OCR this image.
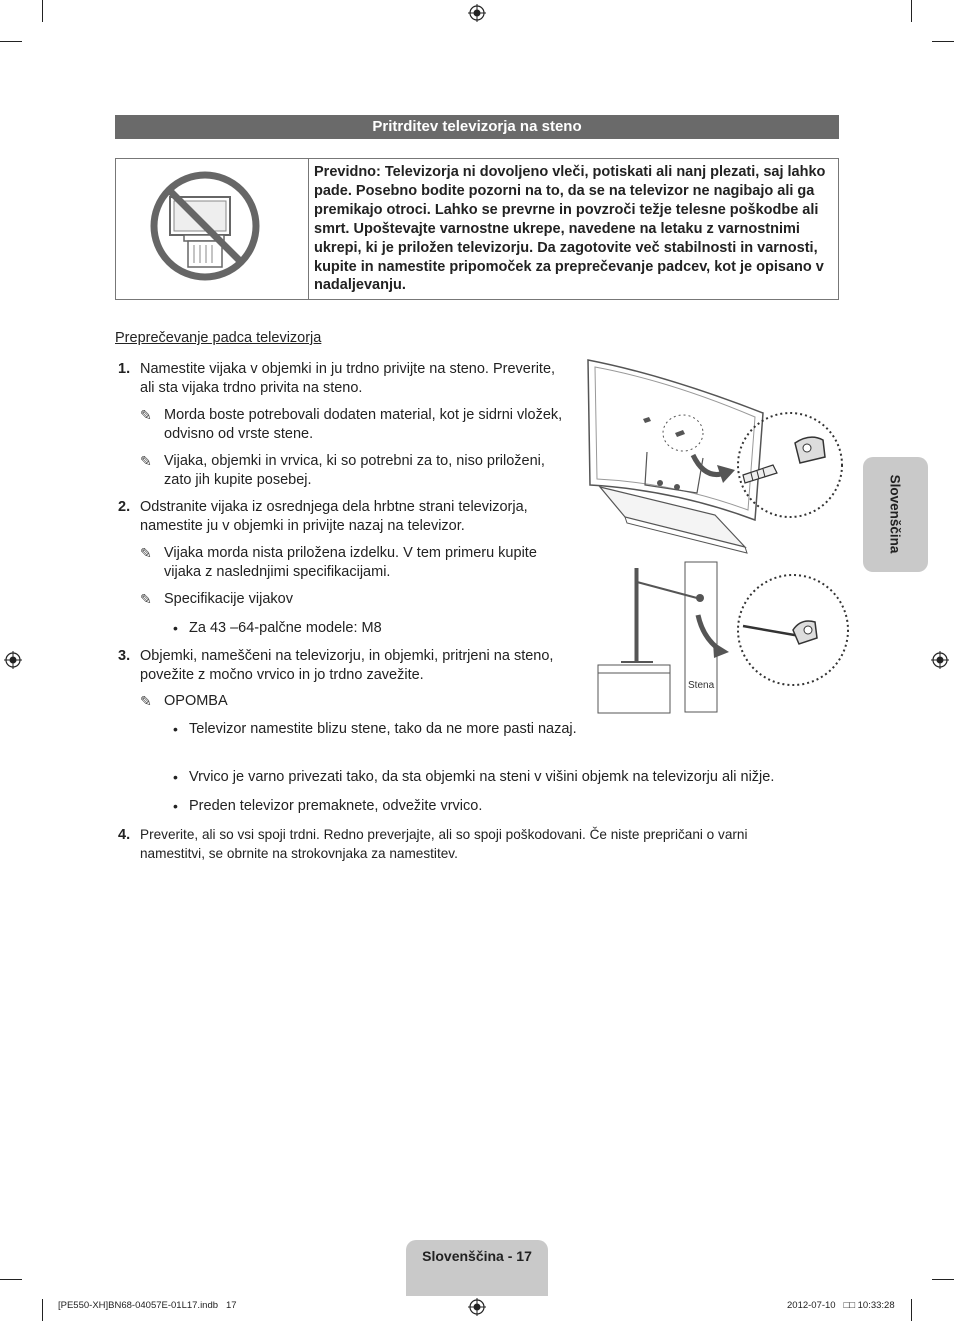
Pritrditev televizorja na steno
Previdno: Televizorja ni dovoljeno vleči, potiskati ali nanj plezati, saj lahko pade. Posebno bodite pozorni na to, da se na televizor ne nagibajo ali ga premikajo otroci. Lahko se prevrne in povzroči težje telesne poškodbe ali smrt. Upoštevajte varnostne ukrepe, navedene na letaku z varnostnimi ukrepi, ki je priložen televizorju. Da zagotovite več stabilnosti in varnosti, kupite in namestite pripomoček za preprečevanje padcev, kot je opisano v nadaljevanju.
Preprečevanje padca televizorja
1. Namestite vijaka v objemki in ju trdno privijte na steno. Preverite, ali sta vijaka trdno privita na steno.
✎ Morda boste potrebovali dodaten material, kot je sidrni vložek, odvisno od vrste stene.
✎ Vijaka, objemki in vrvica, ki so potrebni za to, niso priloženi, zato jih kupite posebej.
2. Odstranite vijaka iz osrednjega dela hrbtne strani televizorja, namestite ju v objemki in privijte nazaj na televizor.
✎ Vijaka morda nista priložena izdelku. V tem primeru kupite vijaka z naslednjimi specifikacijami.
✎ Specifikacije vijakov
• Za 43 –64-palčne modele: M8
3. Objemki, nameščeni na televizorju, in objemki, pritrjeni na steno, povežite z močno vrvico in jo trdno zavežite.
✎ OPOMBA
• Televizor namestite blizu stene, tako da ne more pasti nazaj.
• Vrvico je varno privezati tako, da sta objemki na steni v višini objemk na televizorju ali nižje.
• Preden televizor premaknete, odvežite vrvico.
4. Preverite, ali so vsi spoji trdni. Redno preverjajte, ali so spoji poškodovani. Če niste prepričani o varni namestitvi, se obrnite na strokovnjaka za namestitev.
Stena
Slovenščina
Slovenščina - 17
[PE550-XH]BN68-04057E-01L17.indb   17	2012-07-10   □□ 10:33:28
